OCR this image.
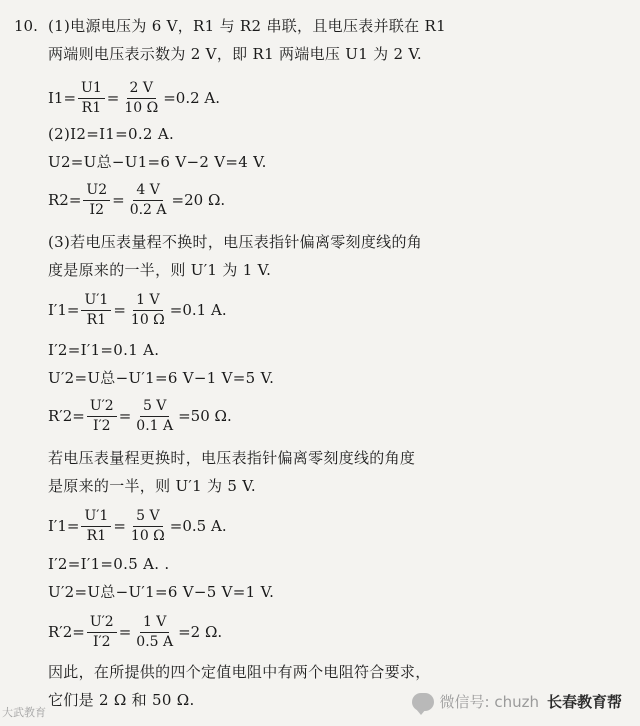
10. (1)电源电压为 6 V，R1 与 R2 串联，且电压表并联在 R1
两端则电压表示数为 2 V，即 R1 两端电压 U1 为 2 V.
$I1= \frac{U1}{R1} = \frac{2 V}{10 \Omega} =0.2$ A.
(2)I2=I1=0.2 A.
U2=U总−U1=6 V−2 V=4 V.
$R2= \frac{U2}{I2} = \frac{4 V}{0.2 A} =20$ Ω.
(3)若电压表量程不换时，电压表指针偏离零刻度线的角
度是原来的一半，则 U′1 为 1 V.
$I'1= \frac{U'1}{R1} = \frac{1 V}{10 \Omega} =0.1$ A.
I′2=I′1=0.1 A.
U′2=U总−U′1=6 V−1 V=5 V.
$R'2= \frac{U'2}{I'2} = \frac{5 V}{0.1 A} =50$ Ω.
若电压表量程更换时，电压表指针偏离零刻度线的角度
是原来的一半，则 U′1 为 5 V.
$I'1= \frac{U'1}{R1} = \frac{5 V}{10 \Omega} =0.5$ A.
I′2=I′1=0.5 A. .
U′2=U总−U′1=6 V−5 V=1 V.
$R'2= \frac{U'2}{I'2} = \frac{1 V}{0.5 A} =2$ Ω.
因此，在所提供的四个定值电阻中有两个电阻符合要求，
它们是 2 Ω 和 50 Ω.	微信号: chuzh 长春教育帮
大武教育
